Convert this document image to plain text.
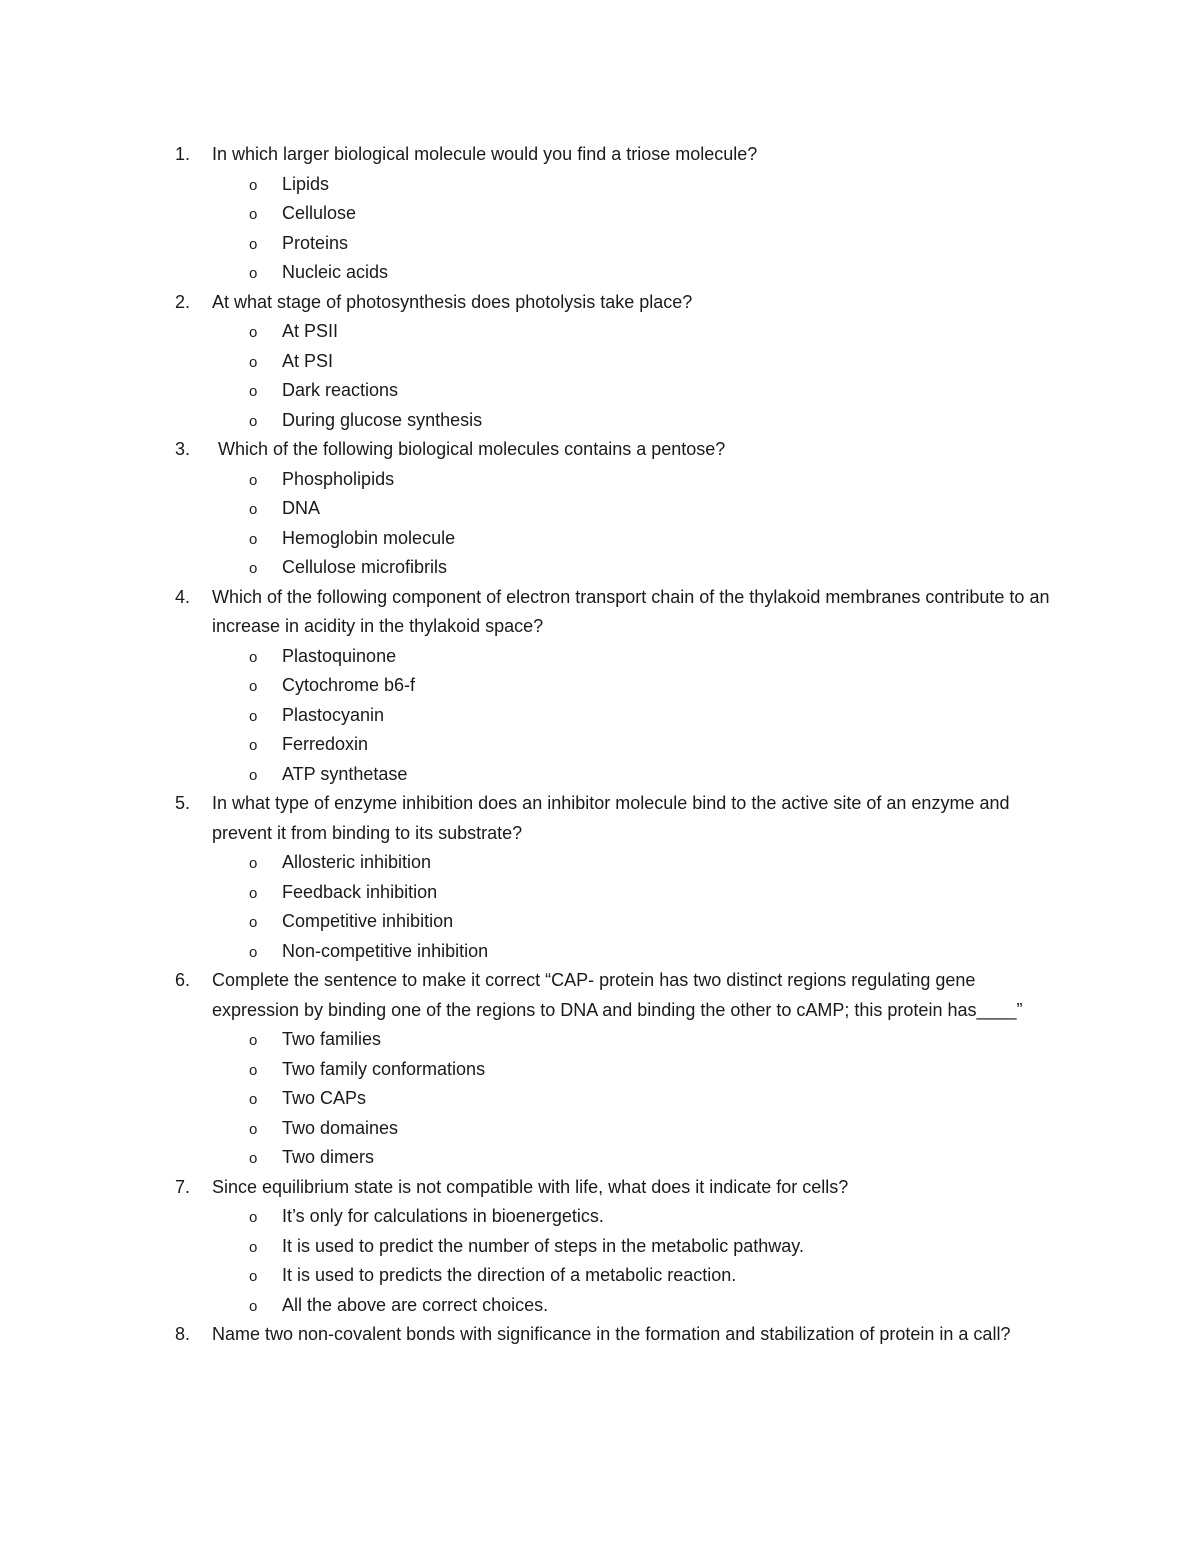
1.	In which larger biological molecule would you find a triose molecule?
o Lipids
o Cellulose
o Proteins
o Nucleic acids
2.	At what stage of photosynthesis does photolysis take place?
o At PSII
o At PSI
o Dark reactions
o During glucose synthesis
3.	Which of the following biological molecules contains a pentose?
o Phospholipids
o DNA
o Hemoglobin molecule
o Cellulose microfibrils
4.	Which of the following component of electron transport chain of the thylakoid membranes contribute to an increase in acidity in the thylakoid space?
o Plastoquinone
o Cytochrome b6-f
o Plastocyanin
o Ferredoxin
o ATP synthetase
5.	In what type of enzyme inhibition does an inhibitor molecule bind to the active site of an enzyme and prevent it from binding to its substrate?
o Allosteric inhibition
o Feedback inhibition
o Competitive inhibition
o Non-competitive inhibition
6.	Complete the sentence to make it correct “CAP- protein has two distinct regions regulating gene expression by binding one of the regions to DNA and binding the other to cAMP; this protein has____”
o Two families
o Two family conformations
o Two CAPs
o Two domaines
o Two dimers
7.	Since equilibrium state is not compatible with life, what does it indicate for cells?
o It’s only for calculations in bioenergetics.
o It is used to predict the number of steps in the metabolic pathway.
o It is used to predicts the direction of a metabolic reaction.
o All the above are correct choices.
8.	Name two non-covalent bonds with significance in the formation and stabilization of protein in a call?
